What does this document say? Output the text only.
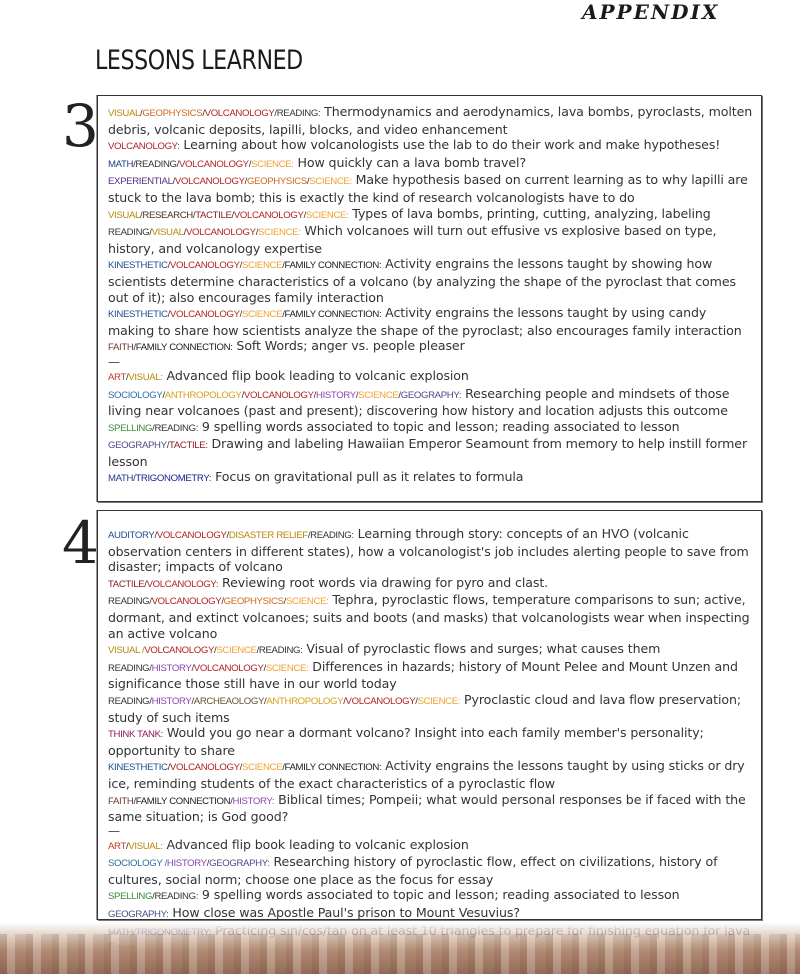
APPENDIX
LESSONS LEARNED
3
4
VISUAL/GEOPHYSICS/VOLCANOLOGY/READING: Thermodynamics and aerodynamics, lava bombs, pyroclasts, molten debris, volcanic deposits, lapilli, blocks, and video enhancement
VOLCANOLOGY: Learning about how volcanologists use the lab to do their work and make hypotheses!
MATH/READING/VOLCANOLOGY/SCIENCE: How quickly can a lava bomb travel?
EXPERIENTIAL/VOLCANOLOGY/GEOPHYSICS/SCIENCE: Make hypothesis based on current learning as to why lapilli are stuck to the lava bomb; this is exactly the kind of research volcanologists have to do
VISUAL/RESEARCH/TACTILE/VOLCANOLOGY/SCIENCE: Types of lava bombs, printing, cutting, analyzing, labeling
READING/VISUAL/VOLCANOLOGY/SCIENCE: Which volcanoes will turn out effusive vs explosive based on type, history, and volcanology expertise
KINESTHETIC/VOLCANOLOGY/SCIENCE/FAMILY CONNECTION: Activity engrains the lessons taught by showing how scientists determine characteristics of a volcano (by analyzing the shape of the pyroclast that comes out of it); also encourages family interaction
KINESTHETIC/VOLCANOLOGY/SCIENCE/FAMILY CONNECTION: Activity engrains the lessons taught by using candy making to share how scientists analyze the shape of the pyroclast; also encourages family interaction
FAITH/FAMILY CONNECTION: Soft Words; anger vs. people pleaser
—
ART/VISUAL: Advanced flip book leading to volcanic explosion
SOCIOLOGY/ANTHROPOLOGY/VOLCANOLOGY/HISTORY/SCIENCE/GEOGRAPHY: Researching people and mindsets of those living near volcanoes (past and present); discovering how history and location adjusts this outcome
SPELLING/READING: 9 spelling words associated to topic and lesson; reading associated to lesson
GEOGRAPHY/TACTILE: Drawing and labeling Hawaiian Emperor Seamount from memory to help instill former lesson
MATH/TRIGONOMETRY: Focus on gravitational pull as it relates to formula
AUDITORY/VOLCANOLOGY/DISASTER RELIEF/READING: Learning through story: concepts of an HVO (volcanic observation centers in different states), how a volcanologist's job includes alerting people to save from disaster; impacts of volcano
TACTILE/VOLCANOLOGY: Reviewing root words via drawing for pyro and clast.
READING/VOLCANOLOGY/GEOPHYSICS/SCIENCE: Tephra, pyroclastic flows, temperature comparisons to sun; active, dormant, and extinct volcanoes; suits and boots (and masks) that volcanologists wear when inspecting an active volcano
VISUAL /VOLCANOLOGY/SCIENCE/READING: Visual of pyroclastic flows and surges; what causes them
READING/HISTORY/VOLCANOLOGY/SCIENCE: Differences in hazards; history of Mount Pelee and Mount Unzen and significance those still have in our world today
READING/HISTORY/ARCHEAOLOGY/ANTHROPOLOGY/VOLCANOLOGY/SCIENCE: Pyroclastic cloud and lava flow preservation; study of such items
THINK TANK: Would you go near a dormant volcano? Insight into each family member's personality; opportunity to share
KINESTHETIC/VOLCANOLOGY/SCIENCE/FAMILY CONNECTION: Activity engrains the lessons taught by using sticks or dry ice, reminding students of the exact characteristics of a pyroclastic flow
FAITH/FAMILY CONNECTION/HISTORY: Biblical times; Pompeii; what would personal responses be if faced with the same situation; is God good?
—
ART/VISUAL: Advanced flip book leading to volcanic explosion
SOCIOLOGY /HISTORY/GEOGRAPHY: Researching history of pyroclastic flow, effect on civilizations, history of cultures, social norm; choose one place as the focus for essay
SPELLING/READING: 9 spelling words associated to topic and lesson; reading associated to lesson
GEOGRAPHY: How close was Apostle Paul's prison to Mount Vesuvius?
